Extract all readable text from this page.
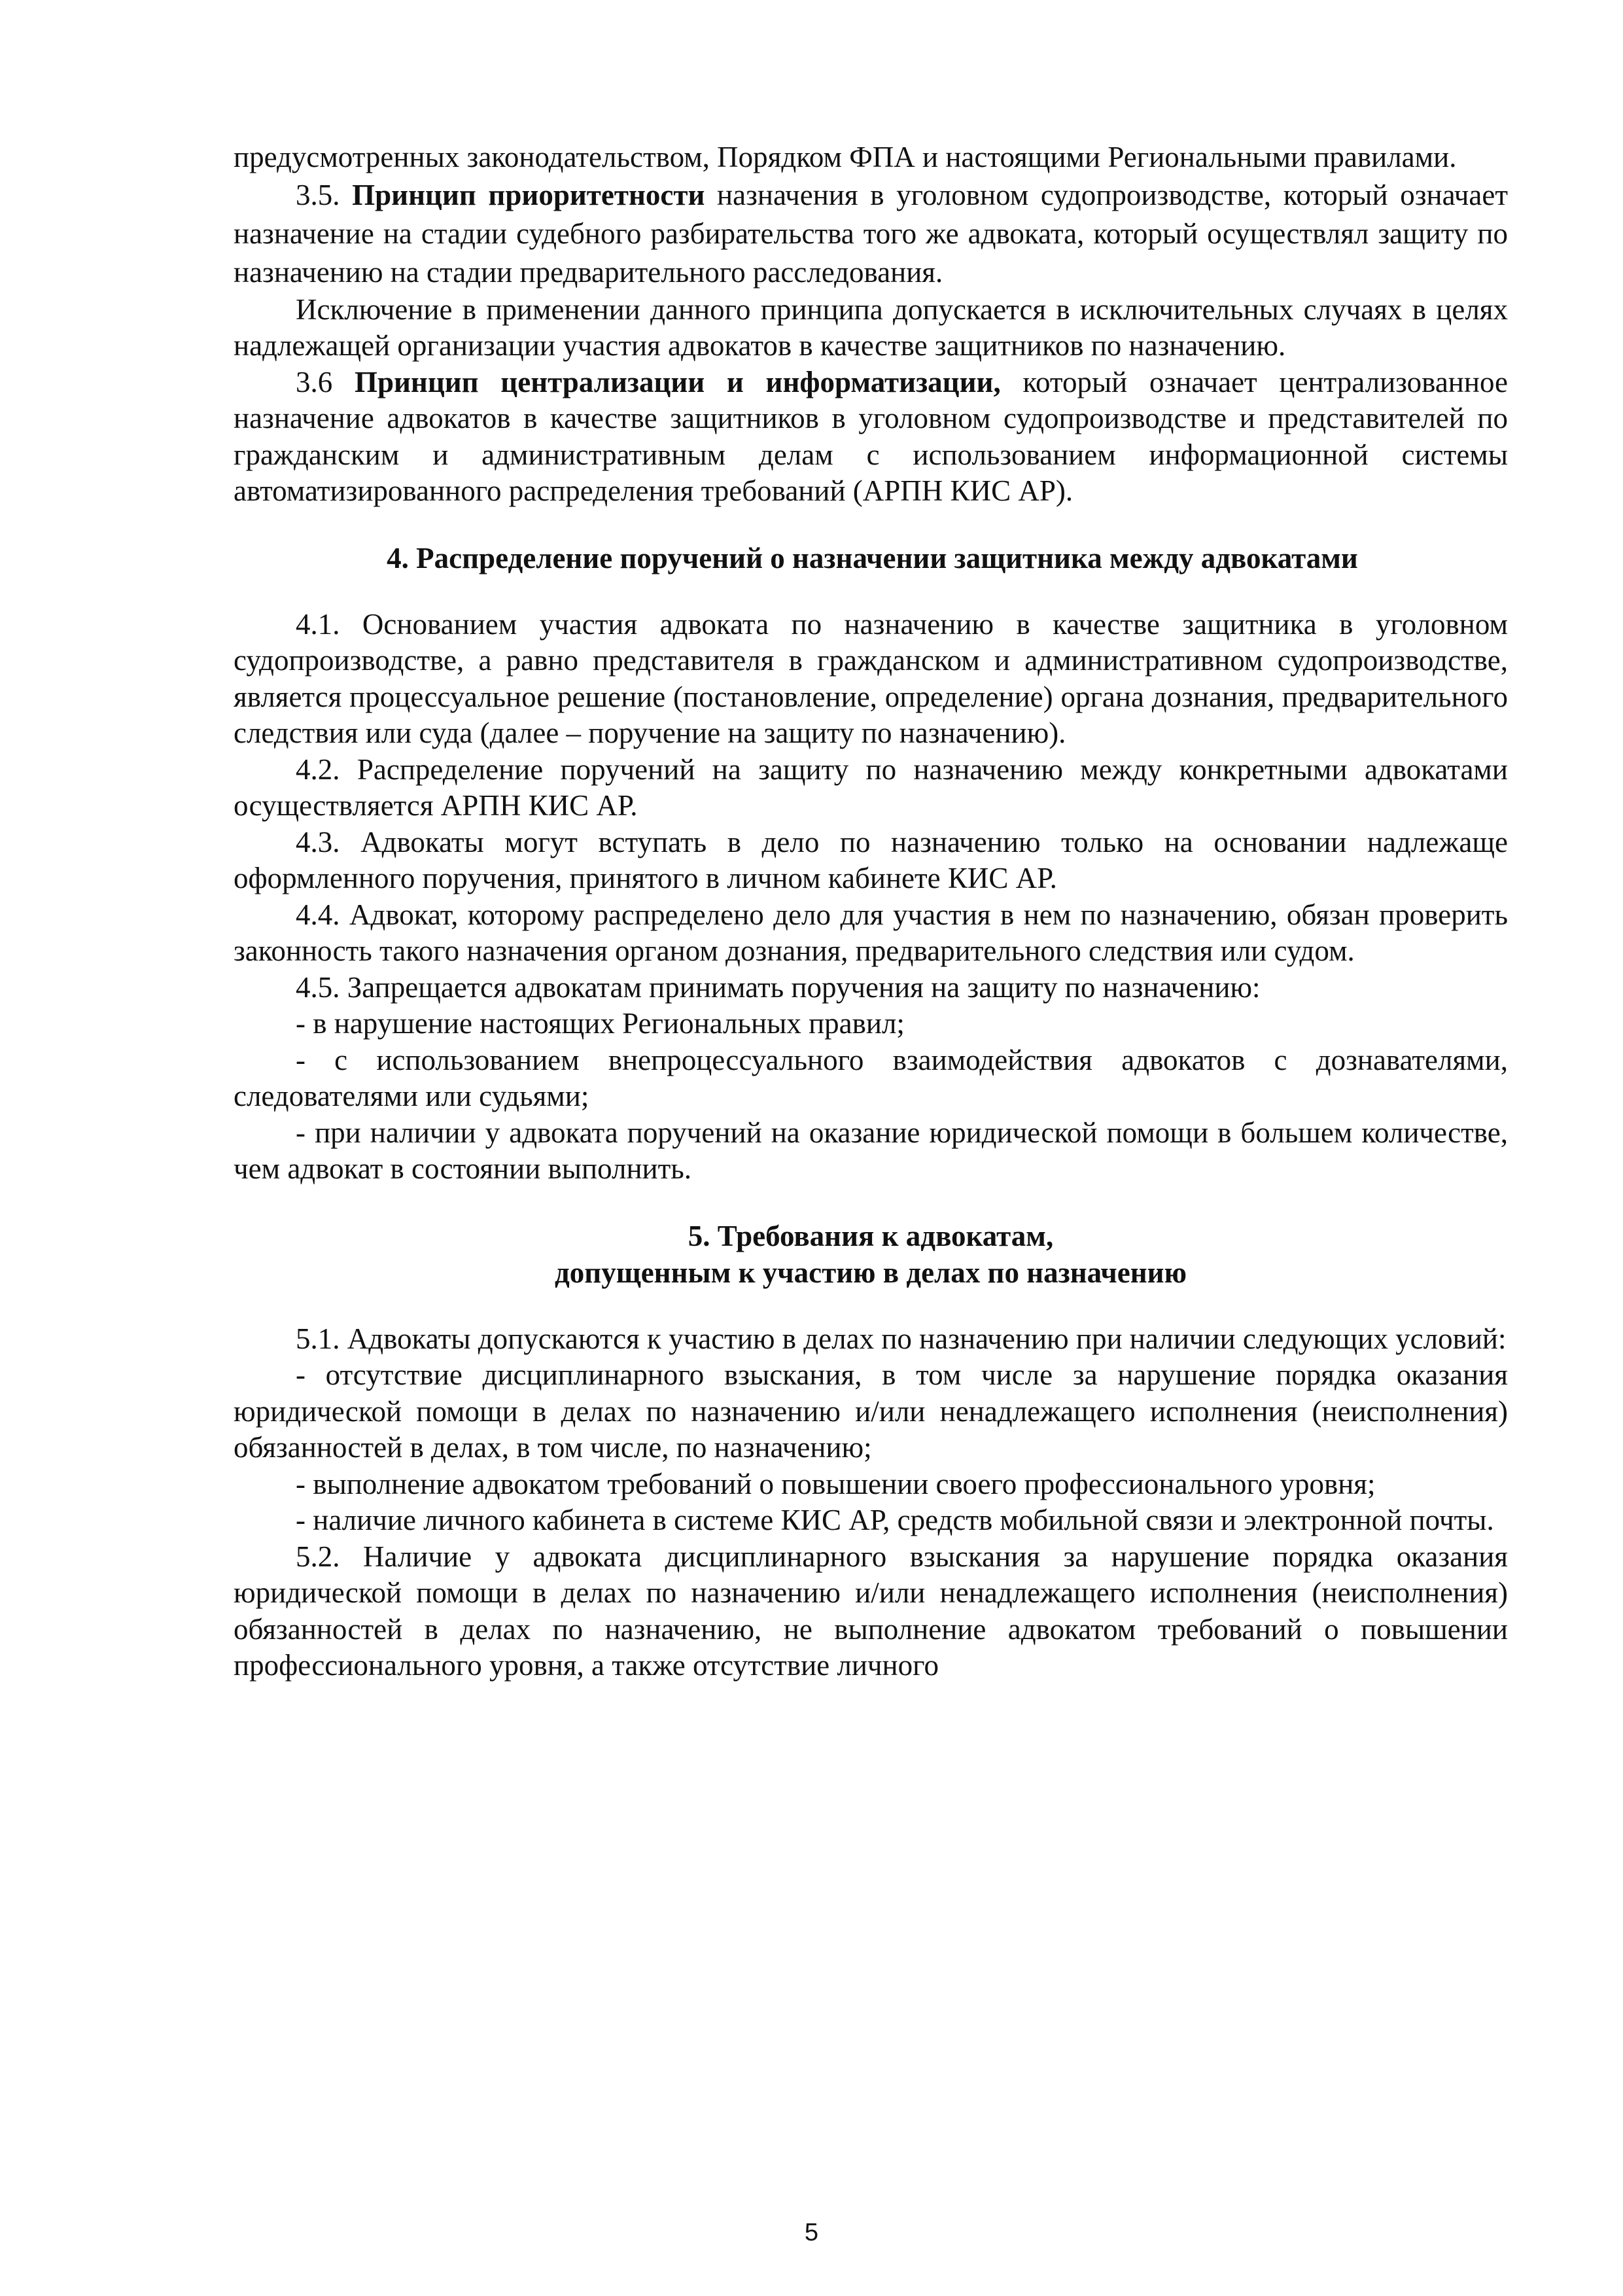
предусмотренных законодательством, Порядком ФПА и настоящими Региональными правилами.

3.5. Принцип приоритетности назначения в уголовном судопроизводстве, который означает назначение на стадии судебного разбирательства того же адвоката, который осуществлял защиту по назначению на стадии предварительного расследования.

Исключение в применении данного принципа допускается в исключительных случаях в целях надлежащей организации участия адвокатов в качестве защитников по назначению.

3.6 Принцип централизации и информатизации, который означает централизованное назначение адвокатов в качестве защитников в уголовном судопроизводстве и представителей по гражданским и административным делам с использованием информационной системы автоматизированного распределения требований (АРПН КИС АР).

4. Распределение поручений о назначении защитника между адвокатами

4.1. Основанием участия адвоката по назначению в качестве защитника в уголовном судопроизводстве, а равно представителя в гражданском и административном судопроизводстве, является процессуальное решение (постановление, определение) органа дознания, предварительного следствия или суда (далее – поручение на защиту по назначению).

4.2. Распределение поручений на защиту по назначению между конкретными адвокатами осуществляется АРПН КИС АР.

4.3. Адвокаты могут вступать в дело по назначению только на основании надлежаще оформленного поручения, принятого в личном кабинете КИС АР.

4.4. Адвокат, которому распределено дело для участия в нем по назначению, обязан проверить законность такого назначения органом дознания, предварительного следствия или судом.

4.5. Запрещается адвокатам принимать поручения на защиту по назначению:

- в нарушение настоящих Региональных правил;

- с использованием внепроцессуального взаимодействия адвокатов с дознавателями, следователями или судьями;

- при наличии у адвоката поручений на оказание юридической помощи в большем количестве, чем адвокат в состоянии выполнить.

5. Требования к адвокатам,
допущенным к участию в делах по назначению

5.1. Адвокаты допускаются к участию в делах по назначению при наличии следующих условий:

- отсутствие дисциплинарного взыскания, в том числе за нарушение порядка оказания юридической помощи в делах по назначению и/или ненадлежащего исполнения (неисполнения) обязанностей в делах, в том числе, по назначению;

- выполнение адвокатом требований о повышении своего профессионального уровня;

- наличие личного кабинета в системе КИС АР, средств мобильной связи и электронной почты.

5.2. Наличие у адвоката дисциплинарного взыскания за нарушение порядка оказания юридической помощи в делах по назначению и/или ненадлежащего исполнения (неисполнения) обязанностей в делах по назначению, не выполнение адвокатом требований о повышении профессионального уровня, а также отсутствие личного

5
